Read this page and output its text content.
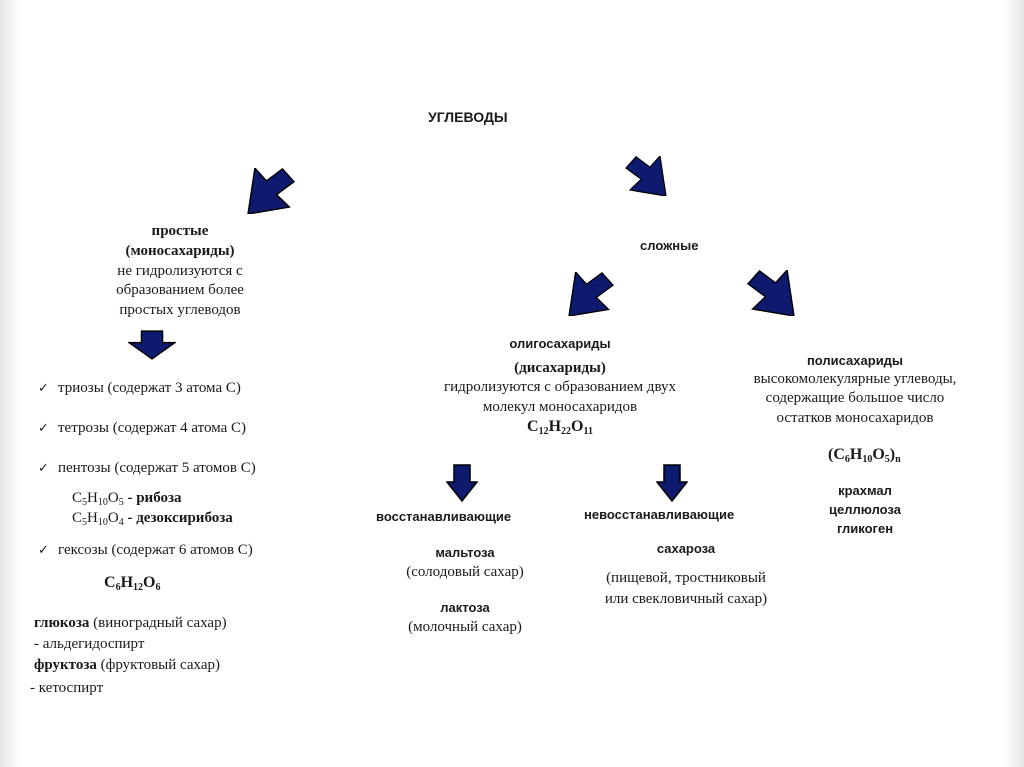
УГЛЕВОДЫ
простые
(моносахариды)
не гидролизуются с
образованием более
простых углеводов
✓ триозы (содержат 3 атома С)
✓ тетрозы (содержат 4 атома С)
✓ пентозы (содержат 5 атомов С)
$C_5H_{10}O_5$ - рибоза
$C_5H_{10}O_4$ - дезоксирибоза
✓ гексозы (содержат 6 атомов С)
$C_6H_{12}O_6$
глюкоза (виноградный сахар)
- альдегидоспирт
фруктоза (фруктовый сахар)
- кетоспирт
сложные
олигосахариды
(дисахариды)
гидролизуются с образованием двух
молекул моносахаридов
$C_{12}H_{22}O_{11}$
восстанавливающие
мальтоза
(солодовый сахар)
лактоза
(молочный сахар)
невосстанавливающие
сахароза
(пищевой, тростниковый
или свекловичный сахар)
полисахариды
высокомолекулярные углеводы,
содержащие большое число
остатков моносахаридов
$(C_6H_{10}O_5)_n$
крахмал
целлюлоза
гликоген
